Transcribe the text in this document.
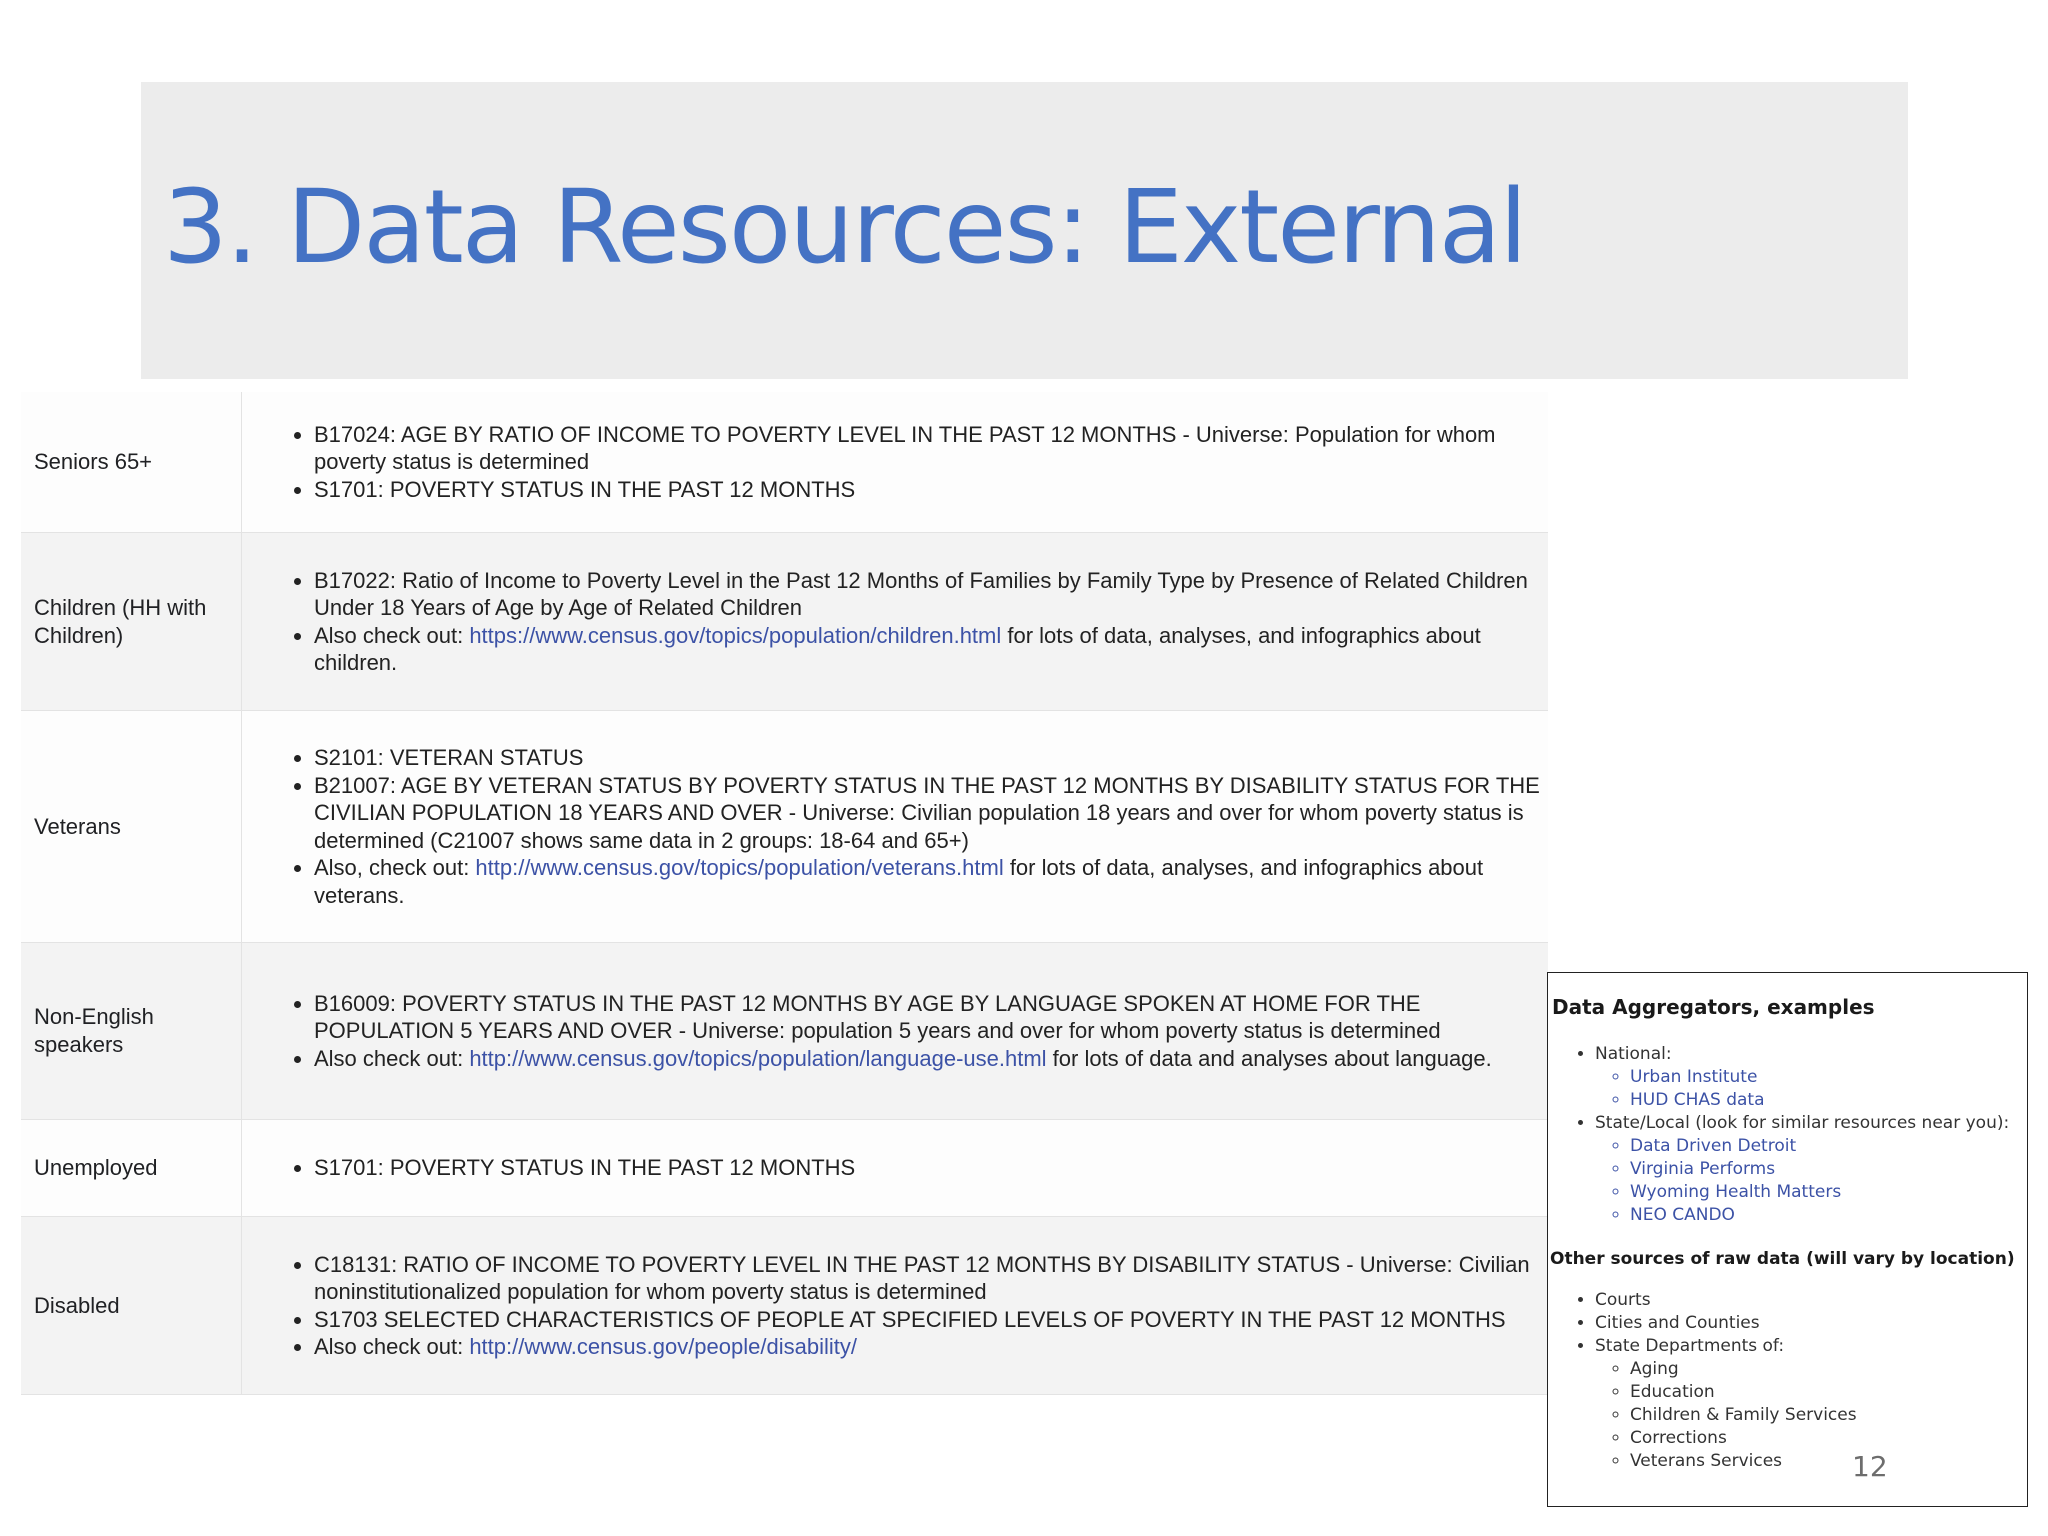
3. Data Resources: External
Seniors 65+
• B17024: AGE BY RATIO OF INCOME TO POVERTY LEVEL IN THE PAST 12 MONTHS - Universe: Population for whom poverty status is determined
• S1701: POVERTY STATUS IN THE PAST 12 MONTHS
Children (HH with Children)
• B17022: Ratio of Income to Poverty Level in the Past 12 Months of Families by Family Type by Presence of Related Children Under 18 Years of Age by Age of Related Children
• Also check out: https://www.census.gov/topics/population/children.html for lots of data, analyses, and infographics about children.
Veterans
• S2101: VETERAN STATUS
• B21007: AGE BY VETERAN STATUS BY POVERTY STATUS IN THE PAST 12 MONTHS BY DISABILITY STATUS FOR THE CIVILIAN POPULATION 18 YEARS AND OVER - Universe: Civilian population 18 years and over for whom poverty status is determined (C21007 shows same data in 2 groups: 18-64 and 65+)
• Also, check out: http://www.census.gov/topics/population/veterans.html for lots of data, analyses, and infographics about veterans.
Non-English speakers
• B16009: POVERTY STATUS IN THE PAST 12 MONTHS BY AGE BY LANGUAGE SPOKEN AT HOME FOR THE POPULATION 5 YEARS AND OVER - Universe: population 5 years and over for whom poverty status is determined
• Also check out: http://www.census.gov/topics/population/language-use.html for lots of data and analyses about language.
Unemployed
•	S1701: POVERTY STATUS IN THE PAST 12 MONTHS
Disabled
• C18131: RATIO OF INCOME TO POVERTY LEVEL IN THE PAST 12 MONTHS BY DISABILITY STATUS - Universe: Civilian noninstitutionalized population for whom poverty status is determined
• S1703 SELECTED CHARACTERISTICS OF PEOPLE AT SPECIFIED LEVELS OF POVERTY IN THE PAST 12 MONTHS
• Also check out: http://www.census.gov/people/disability/
Data Aggregators, examples
• National:
◦ Urban Institute
◦ HUD CHAS data
• State/Local (look for similar resources near you):
◦ Data Driven Detroit
◦ Virginia Performs
◦ Wyoming Health Matters
◦ NEO CANDO
Other sources of raw data (will vary by location)
• Courts
• Cities and Counties
• State Departments of:
◦ Aging
◦ Education
◦ Children & Family Services
◦ Corrections
◦ Veterans Services	12
